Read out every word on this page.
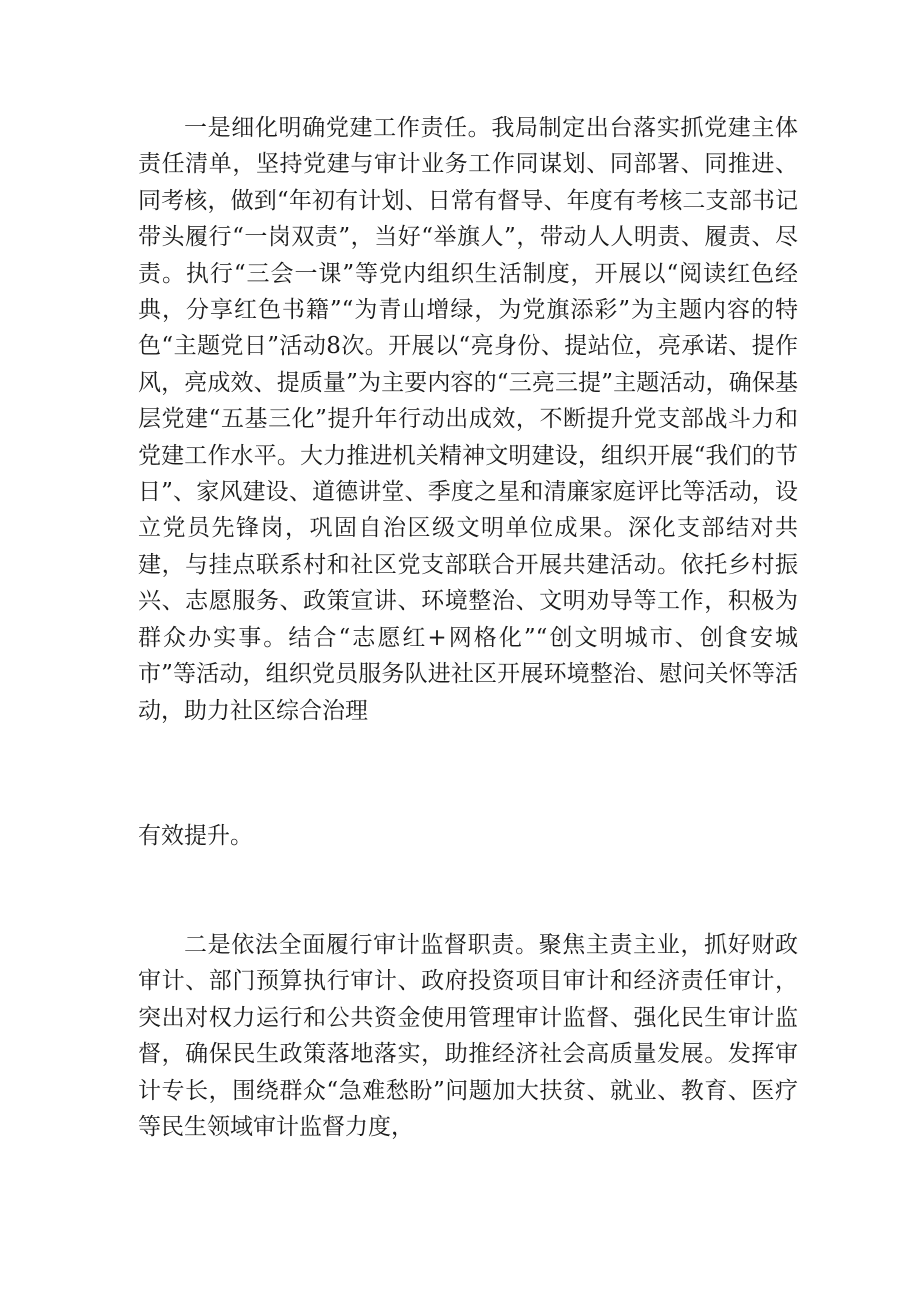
一是细化明确党建工作责任。我局制定出台落实抓党建主体责任清单，坚持党建与审计业务工作同谋划、同部署、同推进、同考核，做到“年初有计划、日常有督导、年度有考核二支部书记带头履行“一岗双责”，当好“举旗人”，带动人人明责、履责、尽责。执行“三会一课”等党内组织生活制度，开展以“阅读红色经典，分享红色书籍”“为青山增绿，为党旗添彩”为主题内容的特色“主题党日”活动8次。开展以“亮身份、提站位，亮承诺、提作风，亮成效、提质量”为主要内容的“三亮三提”主题活动，确保基层党建“五基三化”提升年行动出成效，不断提升党支部战斗力和党建工作水平。大力推进机关精神文明建设，组织开展“我们的节日”、家风建设、道德讲堂、季度之星和清廉家庭评比等活动，设立党员先锋岗，巩固自治区级文明单位成果。深化支部结对共建，与挂点联系村和社区党支部联合开展共建活动。依托乡村振兴、志愿服务、政策宣讲、环境整治、文明劝导等工作，积极为群众办实事。结合“志愿红+网格化”“创文明城市、创食安城市”等活动，组织党员服务队进社区开展环境整治、慰问关怀等活动，助力社区综合治理

有效提升。

二是依法全面履行审计监督职责。聚焦主责主业，抓好财政审计、部门预算执行审计、政府投资项目审计和经济责任审计，突出对权力运行和公共资金使用管理审计监督、强化民生审计监督，确保民生政策落地落实，助推经济社会高质量发展。发挥审计专长，围绕群众“急难愁盼”问题加大扶贫、就业、教育、医疗等民生领域审计监督力度，
